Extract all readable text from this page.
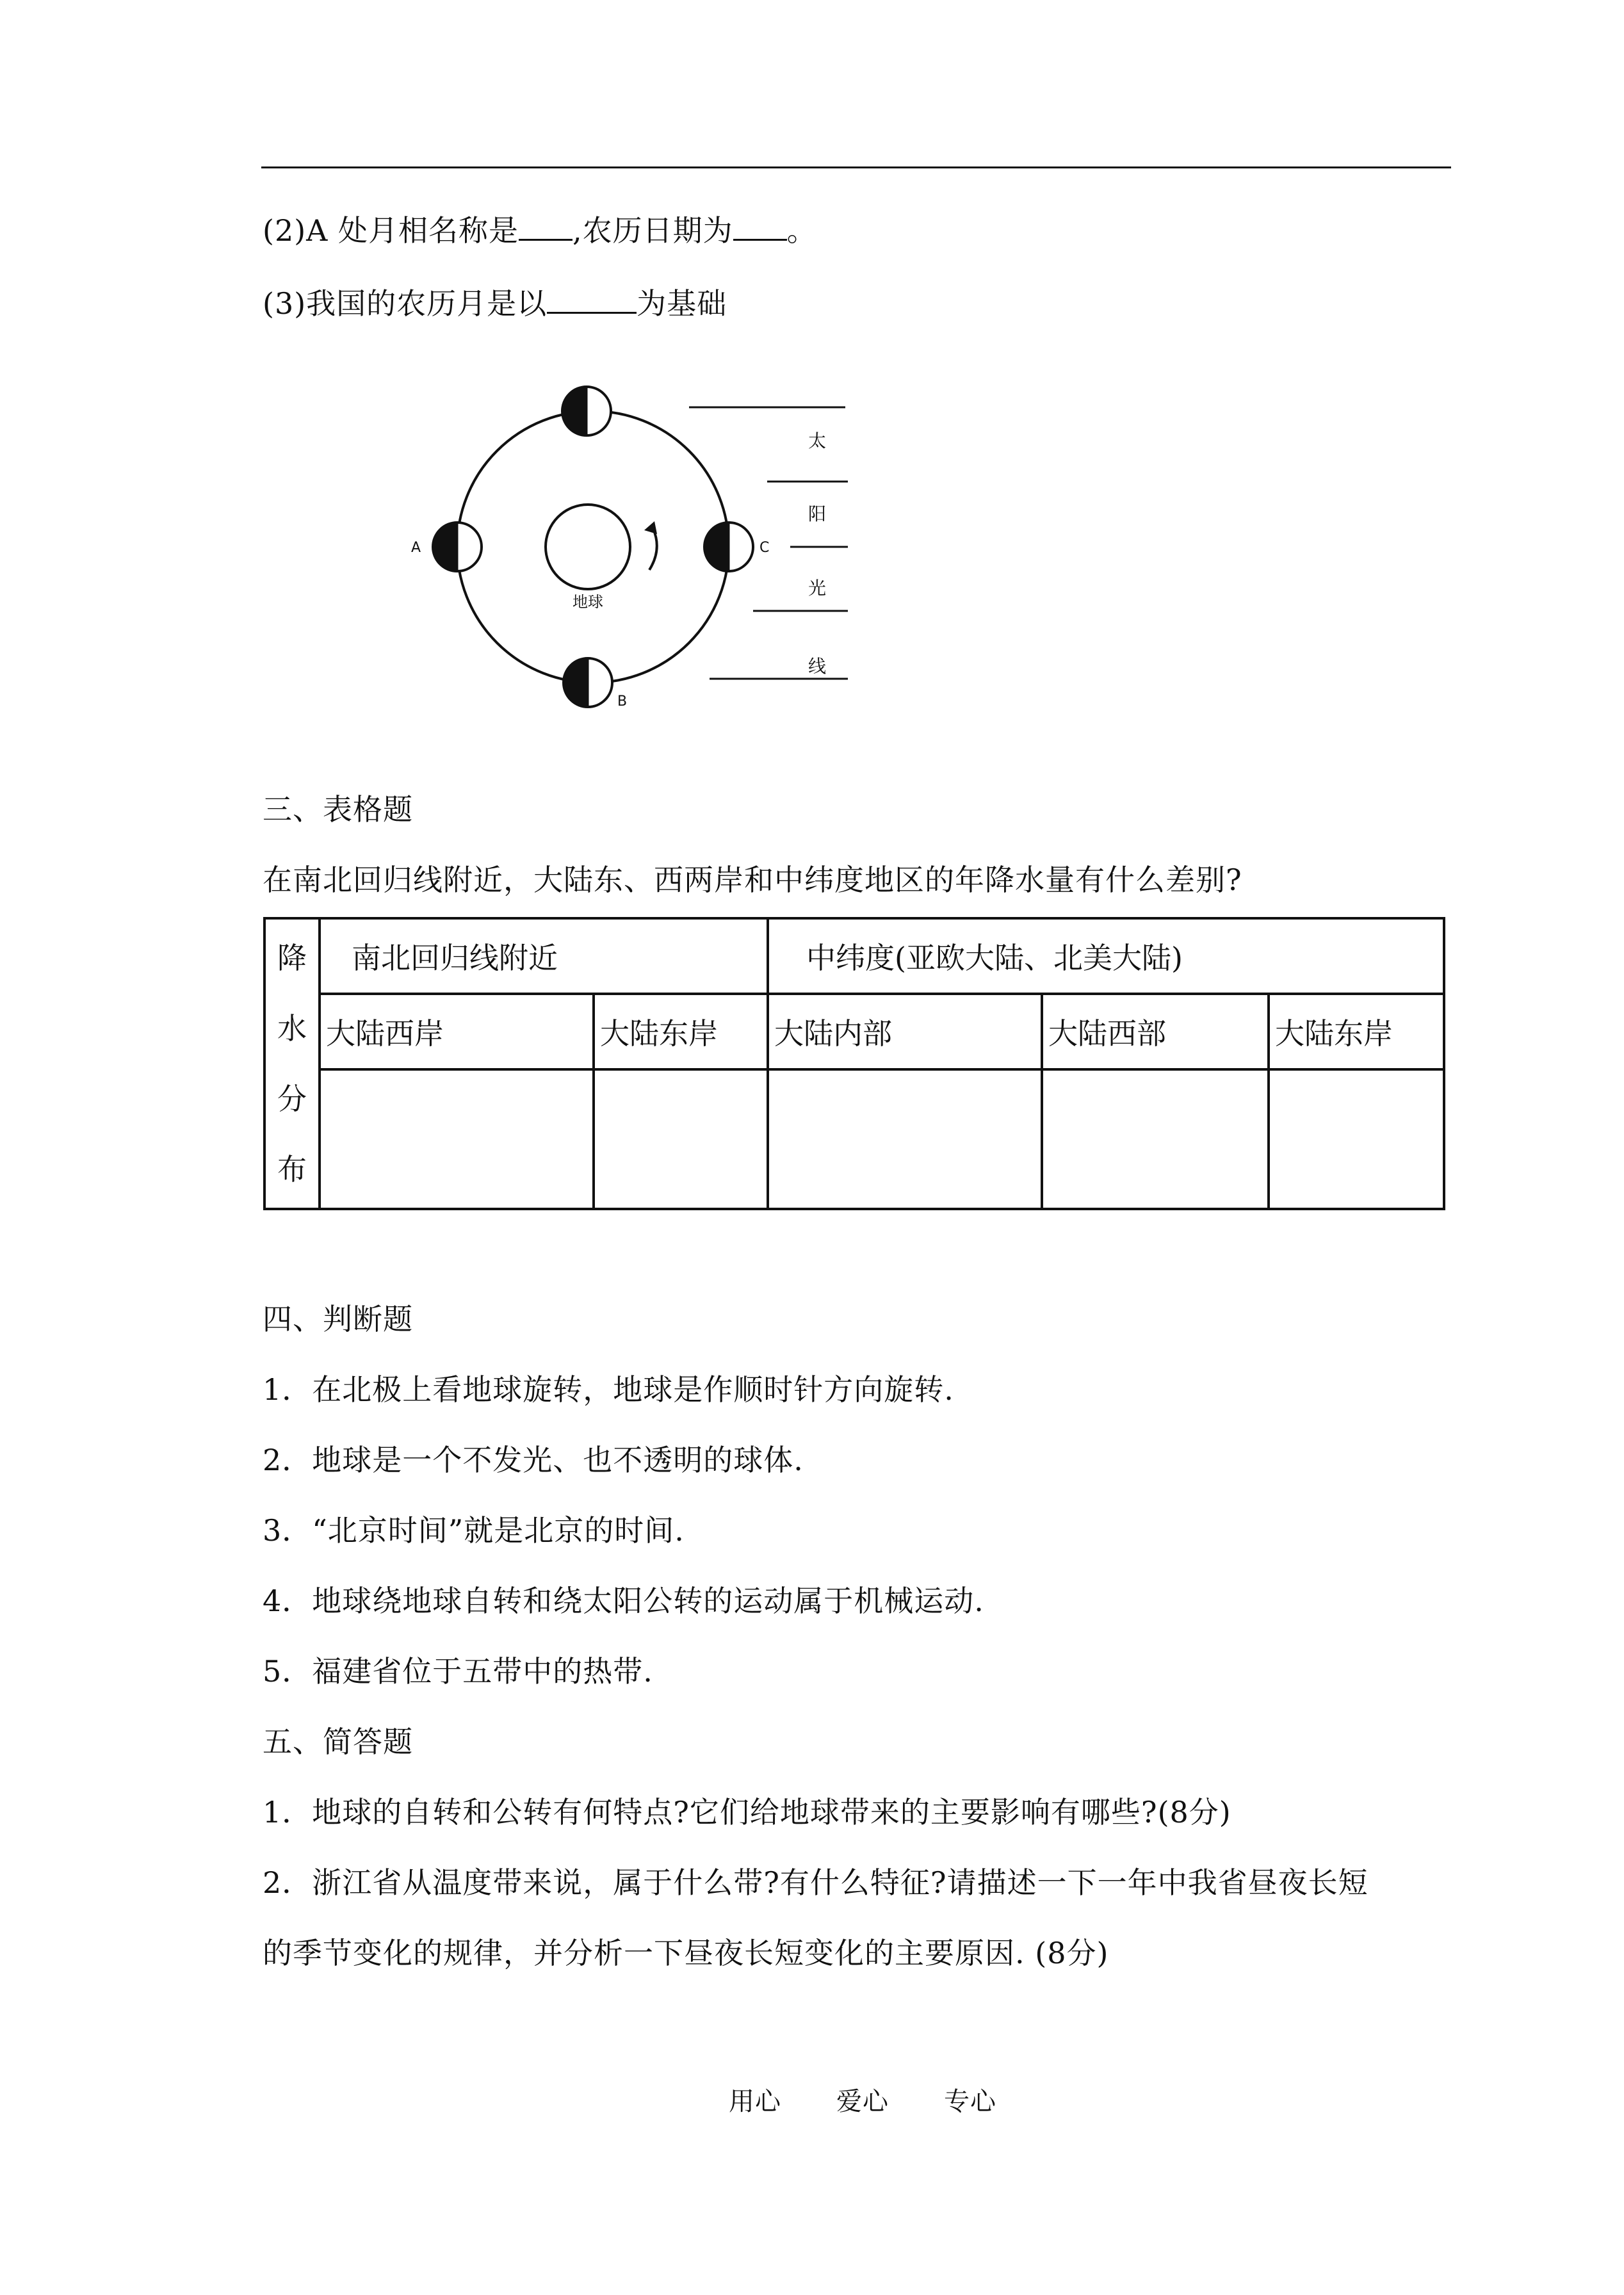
(2)A 处月相名称是 ,农历日期为 。
(3)我国的农历月是以	为基础
地球
A	C
B
太
阳
光
线
三、表格题
在南北回归线附近，大陆东、西两岸和中纬度地区的年降水量有什么差别?
降
水
分
布	南北回归线附近		中纬度(亚欧大陆、北美大陆)		
	大陆西岸	大陆东岸	大陆内部	大陆西部	大陆东岸

四、判断题
1．在北极上看地球旋转，地球是作顺时针方向旋转.
2．地球是一个不发光、也不透明的球体.
3．“北京时间”就是北京的时间.
4．地球绕地球自转和绕太阳公转的运动属于机械运动.
5．福建省位于五带中的热带.
五、简答题
1．地球的自转和公转有何特点?它们给地球带来的主要影响有哪些?(8分)
2．浙江省从温度带来说，属于什么带?有什么特征?请描述一下一年中我省昼夜长短
的季节变化的规律，并分析一下昼夜长短变化的主要原因. (8分)
用心 爱心 专心
